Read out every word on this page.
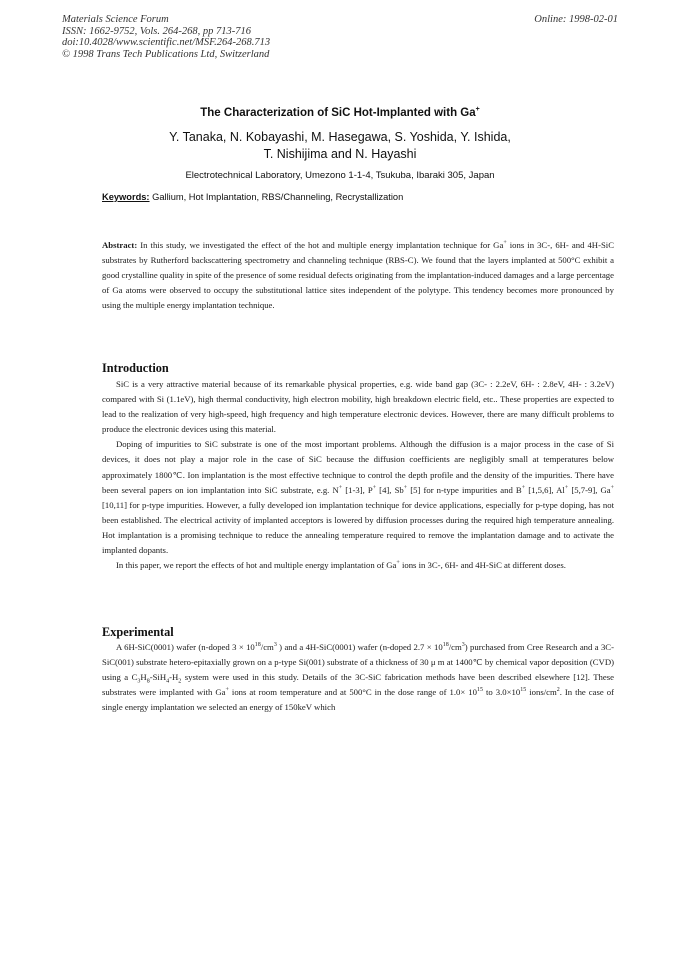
Materials Science Forum
ISSN: 1662-9752, Vols. 264-268, pp 713-716
doi:10.4028/www.scientific.net/MSF.264-268.713
© 1998 Trans Tech Publications Ltd, Switzerland
Online: 1998-02-01
The Characterization of SiC Hot-Implanted with Ga+
Y. Tanaka, N. Kobayashi, M. Hasegawa, S. Yoshida, Y. Ishida,
T. Nishijima and N. Hayashi
Electrotechnical Laboratory, Umezono 1-1-4, Tsukuba, Ibaraki 305, Japan
Keywords: Gallium, Hot Implantation, RBS/Channeling, Recrystallization

Abstract: In this study, we investigated the effect of the hot and multiple energy implantation technique for Ga+ ions in 3C-, 6H- and 4H-SiC substrates by Rutherford backscattering spectrometry and channeling technique (RBS-C). We found that the layers implanted at 500°C exhibit a good crystalline quality in spite of the presence of some residual defects originating from the implantation-induced damages and a large percentage of Ga atoms were observed to occupy the substitutional lattice sites independent of the polytype. This tendency becomes more pronounced by using the multiple energy implantation technique.

Introduction

SiC is a very attractive material because of its remarkable physical properties, e.g. wide band gap (3C- : 2.2eV, 6H- : 2.8eV, 4H- : 3.2eV) compared with Si (1.1eV), high thermal conductivity, high electron mobility, high breakdown electric field, etc.. These properties are expected to lead to the realization of very high-speed, high frequency and high temperature electronic devices. However, there are many difficult problems to produce the electronic devices using this material.

Doping of impurities to SiC substrate is one of the most important problems. Although the diffusion is a major process in the case of Si devices, it does not play a major role in the case of SiC because the diffusion coefficients are negligibly small at temperatures below approximately 1800℃. Ion implantation is the most effective technique to control the depth profile and the density of the impurities. There have been several papers on ion implantation into SiC substrate, e.g. N+ [1-3], P+ [4], Sb+ [5] for n-type impurities and B+ [1,5,6], Al+ [5,7-9], Ga+ [10,11] for p-type impurities. However, a fully developed ion implantation technique for device applications, especially for p-type doping, has not been established. The electrical activity of implanted acceptors is lowered by diffusion processes during the required high temperature annealing. Hot implantation is a promising technique to reduce the annealing temperature required to remove the implantation damage and to activate the implanted dopants.

In this paper, we report the effects of hot and multiple energy implantation of Ga+ ions in 3C-, 6H- and 4H-SiC at different doses.

Experimental

A 6H-SiC(0001) wafer (n-doped $3 \times 10^{18}/cm^3$ ) and a 4H-SiC(0001) wafer (n-doped $2.7 \times 10^{18}/cm^3$) purchased from Cree Research and a 3C-SiC(001) substrate hetero-epitaxially grown on a p-type Si(001) substrate of a thickness of 30 μ m at 1400℃ by chemical vapor deposition (CVD) using a $C_3H_8-SiH_4-H_2$ system were used in this study. Details of the 3C-SiC fabrication methods have been described elsewhere [12]. These substrates were implanted with Ga+ ions at room temperature and at 500°C in the dose range of $1.0\times 10^{15}$ to $3.0\times 10^{15}$ ions/$cm^2$. In the case of single energy implantation we selected an energy of 150keV which
